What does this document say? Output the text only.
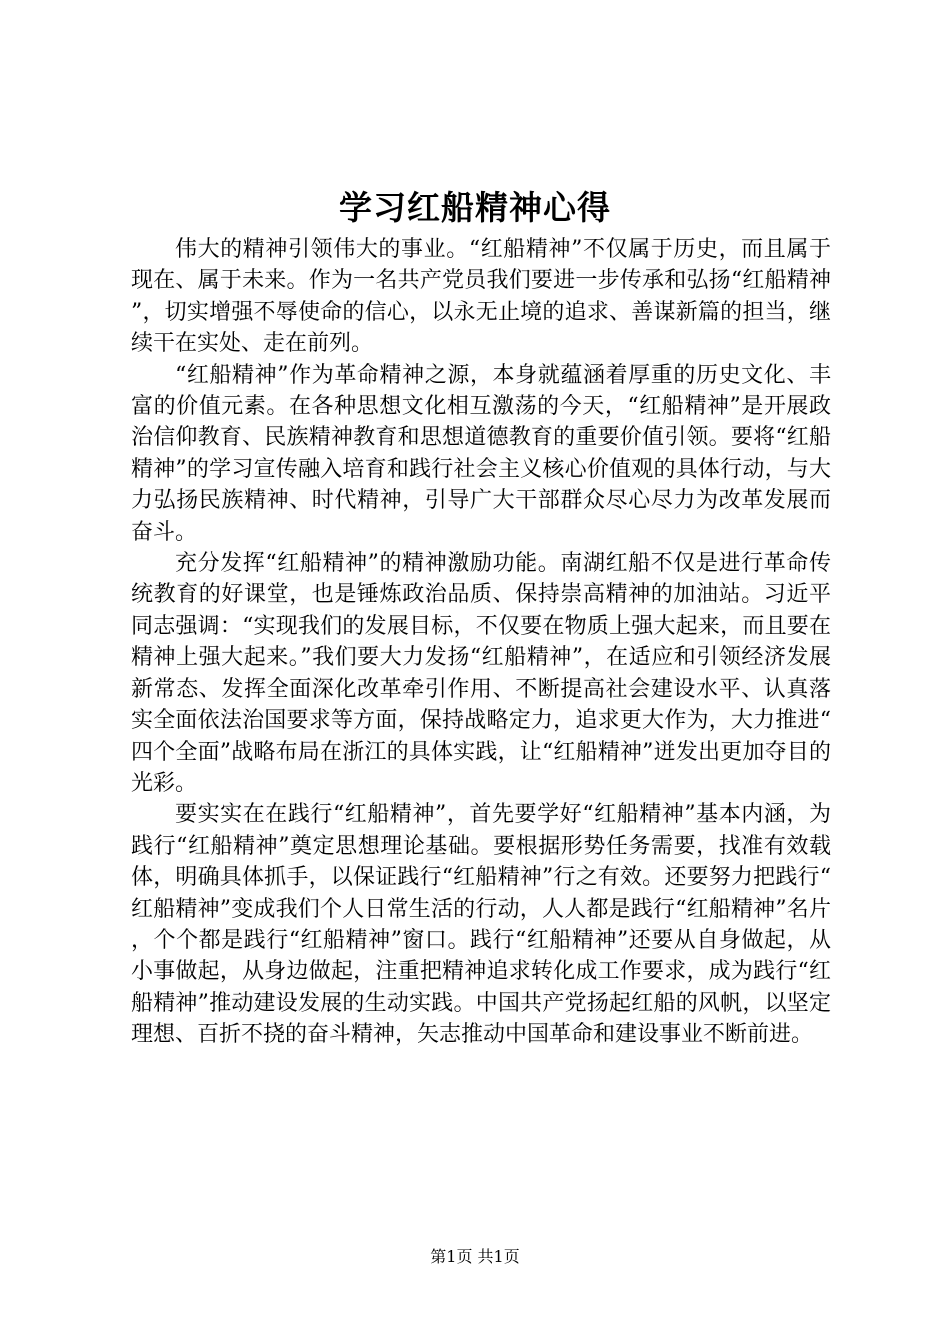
学习红船精神心得

伟大的精神引领伟大的事业。“红船精神”不仅属于历史，而且属于现在、属于未来。作为一名共产党员我们要进一步传承和弘扬“红船精神”，切实增强不辱使命的信心，以永无止境的追求、善谋新篇的担当，继续干在实处、走在前列。

“红船精神”作为革命精神之源，本身就蕴涵着厚重的历史文化、丰富的价值元素。在各种思想文化相互激荡的今天，“红船精神”是开展政治信仰教育、民族精神教育和思想道德教育的重要价值引领。要将“红船精神”的学习宣传融入培育和践行社会主义核心价值观的具体行动，与大力弘扬民族精神、时代精神，引导广大干部群众尽心尽力为改革发展而奋斗。

充分发挥“红船精神”的精神激励功能。南湖红船不仅是进行革命传统教育的好课堂，也是锤炼政治品质、保持崇高精神的加油站。习近平同志强调：“实现我们的发展目标，不仅要在物质上强大起来，而且要在精神上强大起来。”我们要大力发扬“红船精神”，在适应和引领经济发展新常态、发挥全面深化改革牵引作用、不断提高社会建设水平、认真落实全面依法治国要求等方面，保持战略定力，追求更大作为，大力推进“四个全面”战略布局在浙江的具体实践，让“红船精神”迸发出更加夺目的光彩。

要实实在在践行“红船精神”，首先要学好“红船精神”基本内涵，为践行“红船精神”奠定思想理论基础。要根据形势任务需要，找准有效载体，明确具体抓手，以保证践行“红船精神”行之有效。还要努力把践行“红船精神”变成我们个人日常生活的行动，人人都是践行“红船精神”名片，个个都是践行“红船精神”窗口。践行“红船精神”还要从自身做起，从小事做起，从身边做起，注重把精神追求转化成工作要求，成为践行“红船精神”推动建设发展的生动实践。中国共产党扬起红船的风帆，以坚定理想、百折不挠的奋斗精神，矢志推动中国革命和建设事业不断前进。

第1页 共1页
